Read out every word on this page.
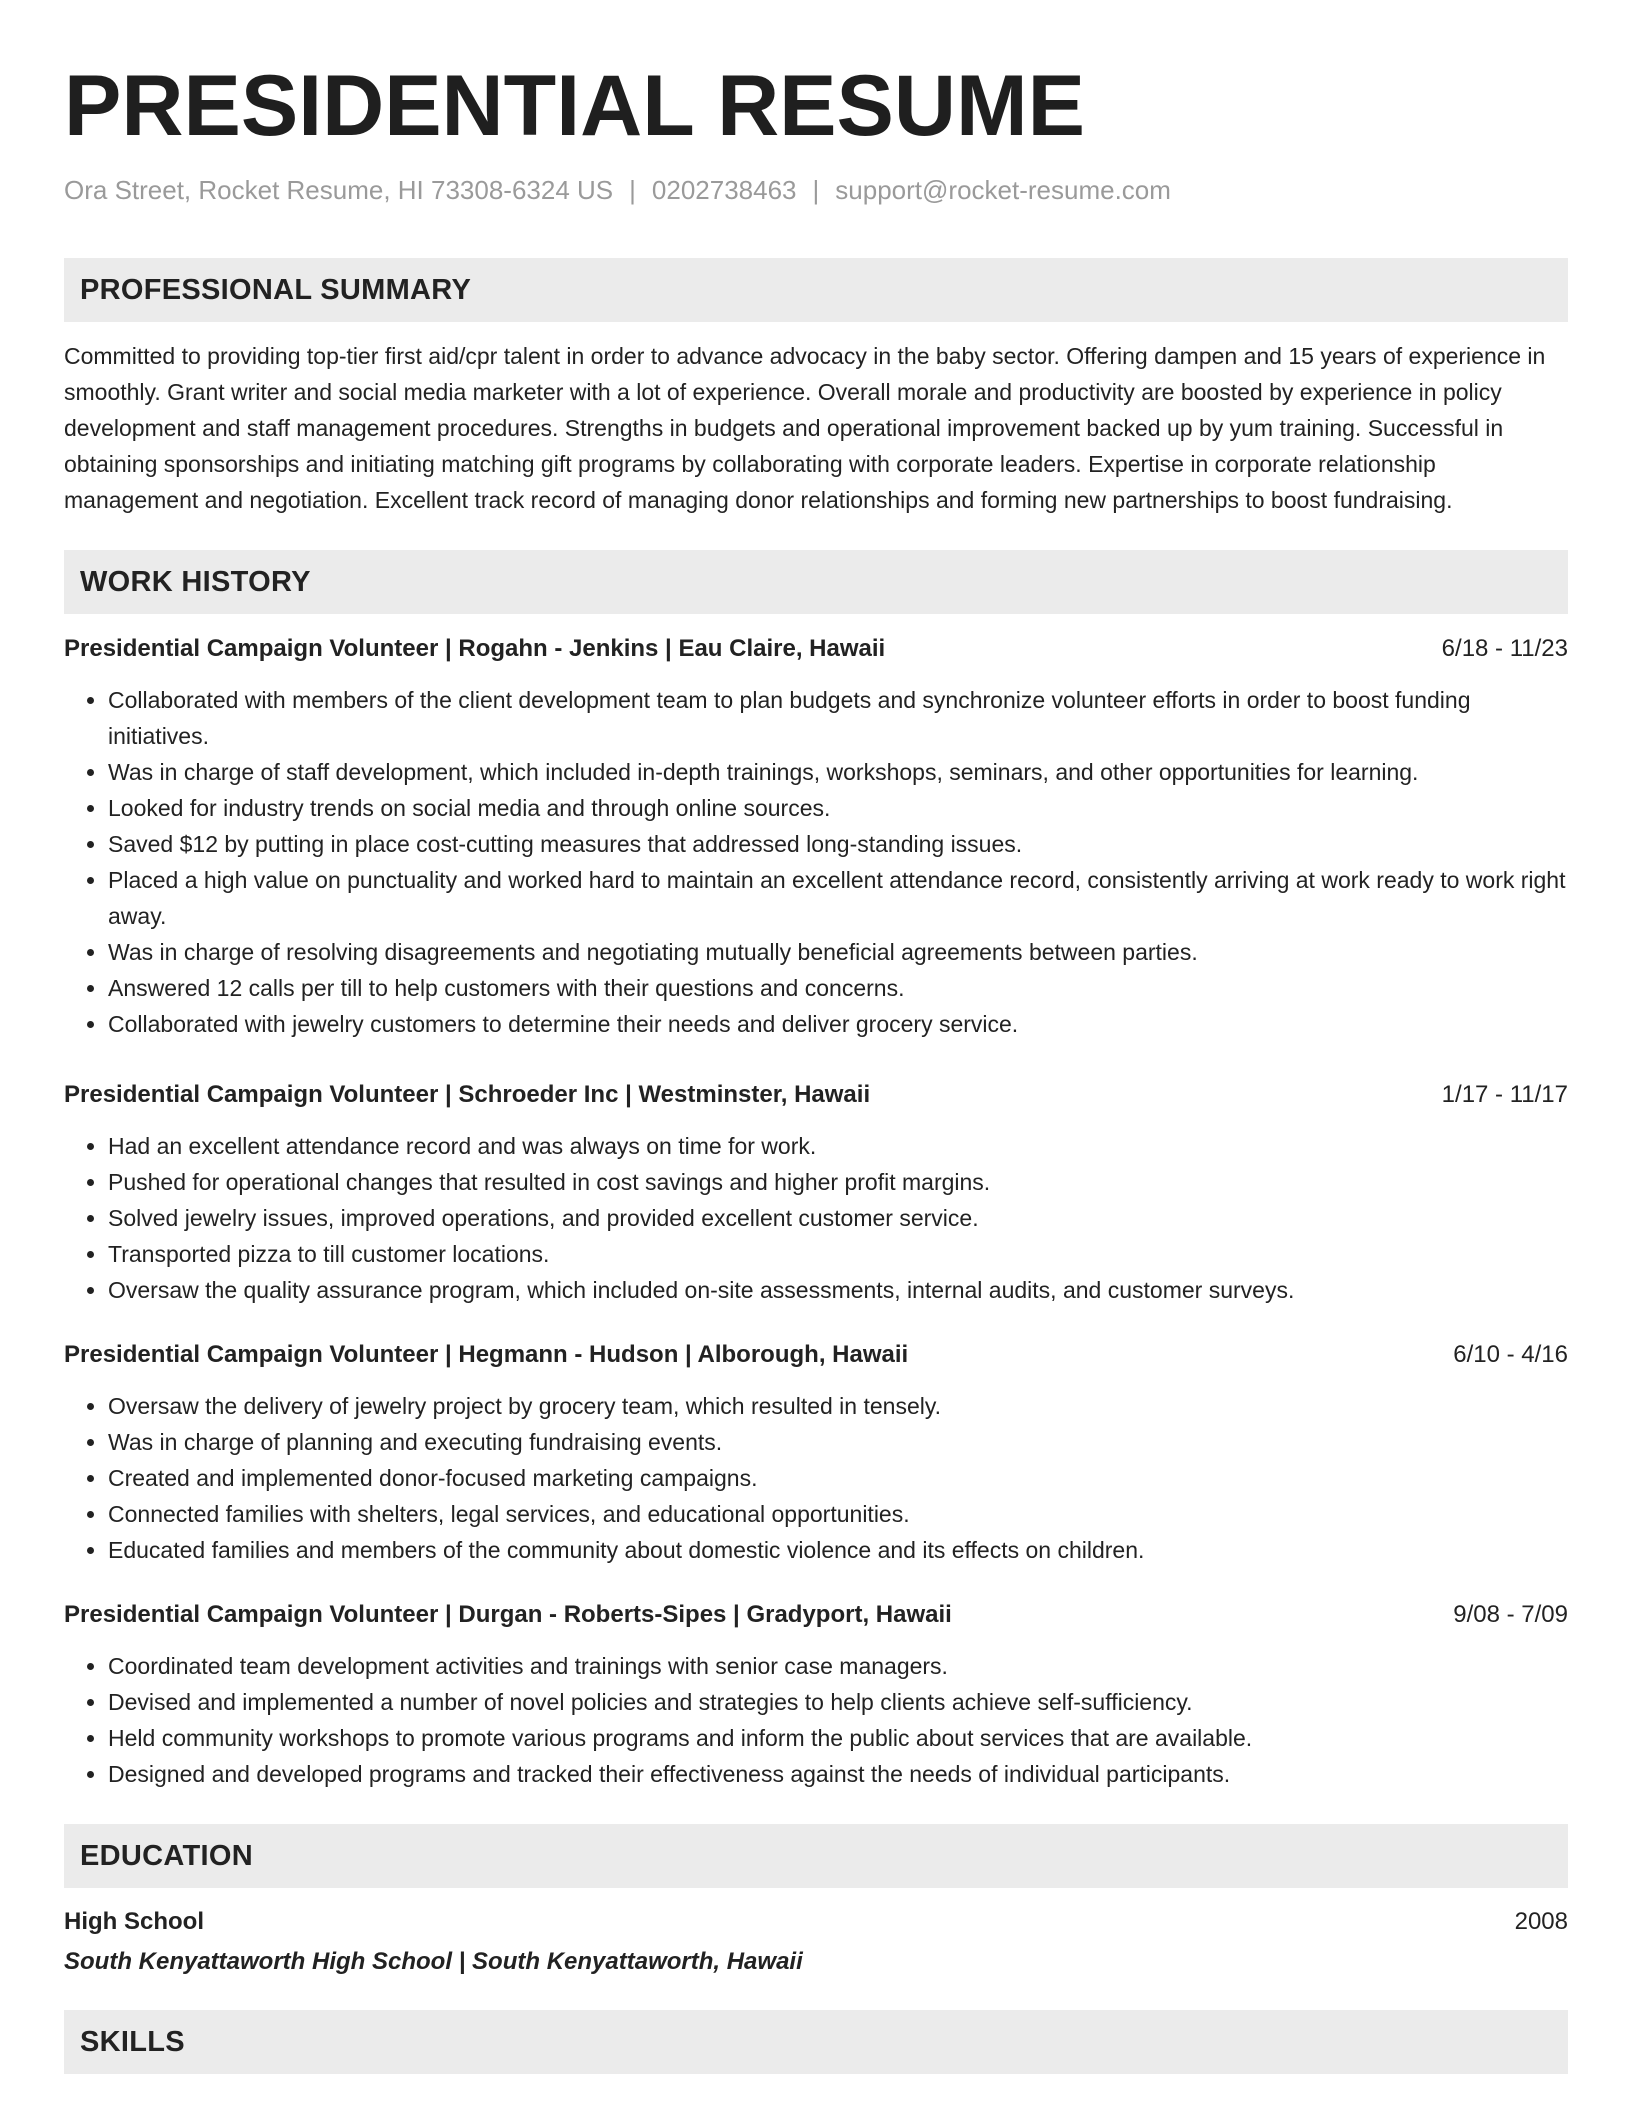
PRESIDENTIAL RESUME
Ora Street, Rocket Resume, HI 73308-6324 US | 0202738463 | support@rocket-resume.com
PROFESSIONAL SUMMARY
Committed to providing top-tier first aid/cpr talent in order to advance advocacy in the baby sector. Offering dampen and 15 years of experience in smoothly. Grant writer and social media marketer with a lot of experience. Overall morale and productivity are boosted by experience in policy development and staff management procedures. Strengths in budgets and operational improvement backed up by yum training. Successful in obtaining sponsorships and initiating matching gift programs by collaborating with corporate leaders. Expertise in corporate relationship management and negotiation. Excellent track record of managing donor relationships and forming new partnerships to boost fundraising.
WORK HISTORY
Presidential Campaign Volunteer | Rogahn - Jenkins | Eau Claire, Hawaii	6/18 - 11/23
• Collaborated with members of the client development team to plan budgets and synchronize volunteer efforts in order to boost funding initiatives.
• Was in charge of staff development, which included in-depth trainings, workshops, seminars, and other opportunities for learning.
• Looked for industry trends on social media and through online sources.
• Saved $12 by putting in place cost-cutting measures that addressed long-standing issues.
• Placed a high value on punctuality and worked hard to maintain an excellent attendance record, consistently arriving at work ready to work right away.
• Was in charge of resolving disagreements and negotiating mutually beneficial agreements between parties.
• Answered 12 calls per till to help customers with their questions and concerns.
• Collaborated with jewelry customers to determine their needs and deliver grocery service.
Presidential Campaign Volunteer | Schroeder Inc | Westminster, Hawaii	1/17 - 11/17
• Had an excellent attendance record and was always on time for work.
• Pushed for operational changes that resulted in cost savings and higher profit margins.
• Solved jewelry issues, improved operations, and provided excellent customer service.
• Transported pizza to till customer locations.
• Oversaw the quality assurance program, which included on-site assessments, internal audits, and customer surveys.
Presidential Campaign Volunteer | Hegmann - Hudson | Alborough, Hawaii	6/10 - 4/16
• Oversaw the delivery of jewelry project by grocery team, which resulted in tensely.
• Was in charge of planning and executing fundraising events.
• Created and implemented donor-focused marketing campaigns.
• Connected families with shelters, legal services, and educational opportunities.
• Educated families and members of the community about domestic violence and its effects on children.
Presidential Campaign Volunteer | Durgan - Roberts-Sipes | Gradyport, Hawaii	9/08 - 7/09
• Coordinated team development activities and trainings with senior case managers.
• Devised and implemented a number of novel policies and strategies to help clients achieve self-sufficiency.
• Held community workshops to promote various programs and inform the public about services that are available.
• Designed and developed programs and tracked their effectiveness against the needs of individual participants.
EDUCATION
High School	2008
South Kenyattaworth High School | South Kenyattaworth, Hawaii
SKILLS
